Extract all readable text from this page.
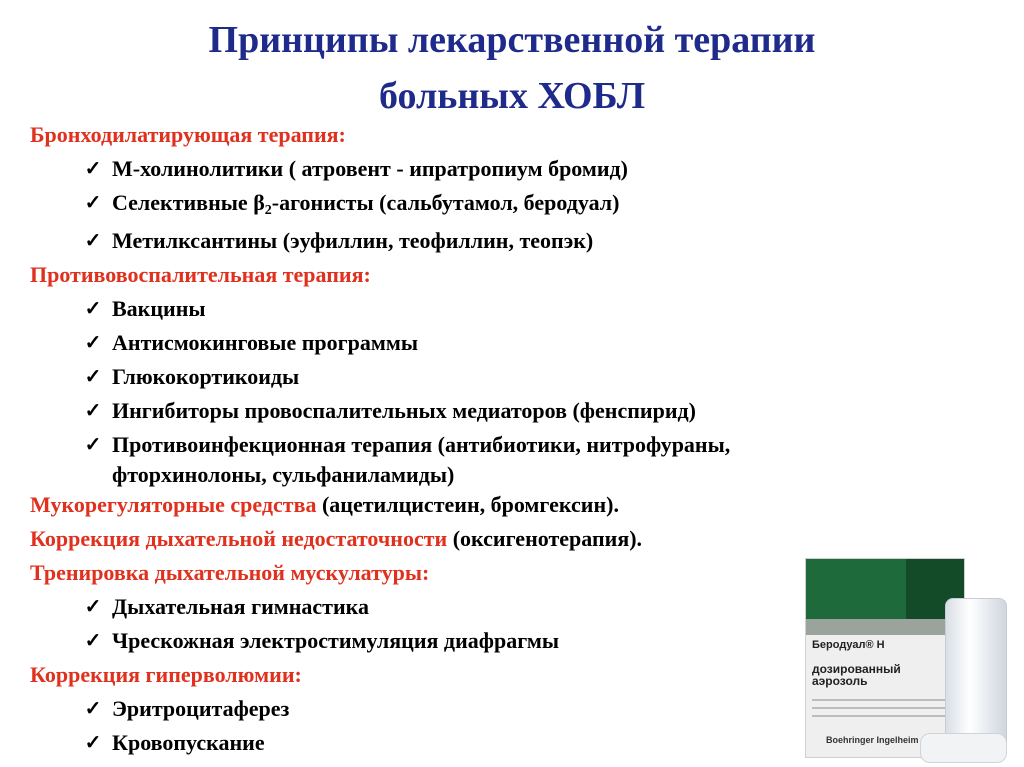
Принципы лекарственной терапии
больных ХОБЛ
Бронходилатирующая терапия:
✓ М-холинолитики ( атровент - ипратропиум бромид)
✓ Селективные β2-агонисты (сальбутамол, беродуал)
✓ Метилксантины (эуфиллин, теофиллин, теопэк)
Противовоспалительная терапия:
✓ Вакцины
✓ Антисмокинговые программы
✓ Глюкокортикоиды
✓ Ингибиторы провоспалительных медиаторов (фенспирид)
✓ Противоинфекционная терапия (антибиотики, нитрофураны,
фторхинолоны, сульфаниламиды)
Мукорегуляторные средства (ацетилцистеин, бромгексин).
Коррекция дыхательной недостаточности (оксигенотерапия).
Тренировка дыхательной мускулатуры:
✓ Дыхательная гимнастика
✓ Чрескожная электростимуляция диафрагмы
Коррекция гиперволюмии:
✓ Эритроцитаферез
✓ Кровопускание
Беродуал® Н
дозированный
аэрозоль
Boehringer Ingelheim
